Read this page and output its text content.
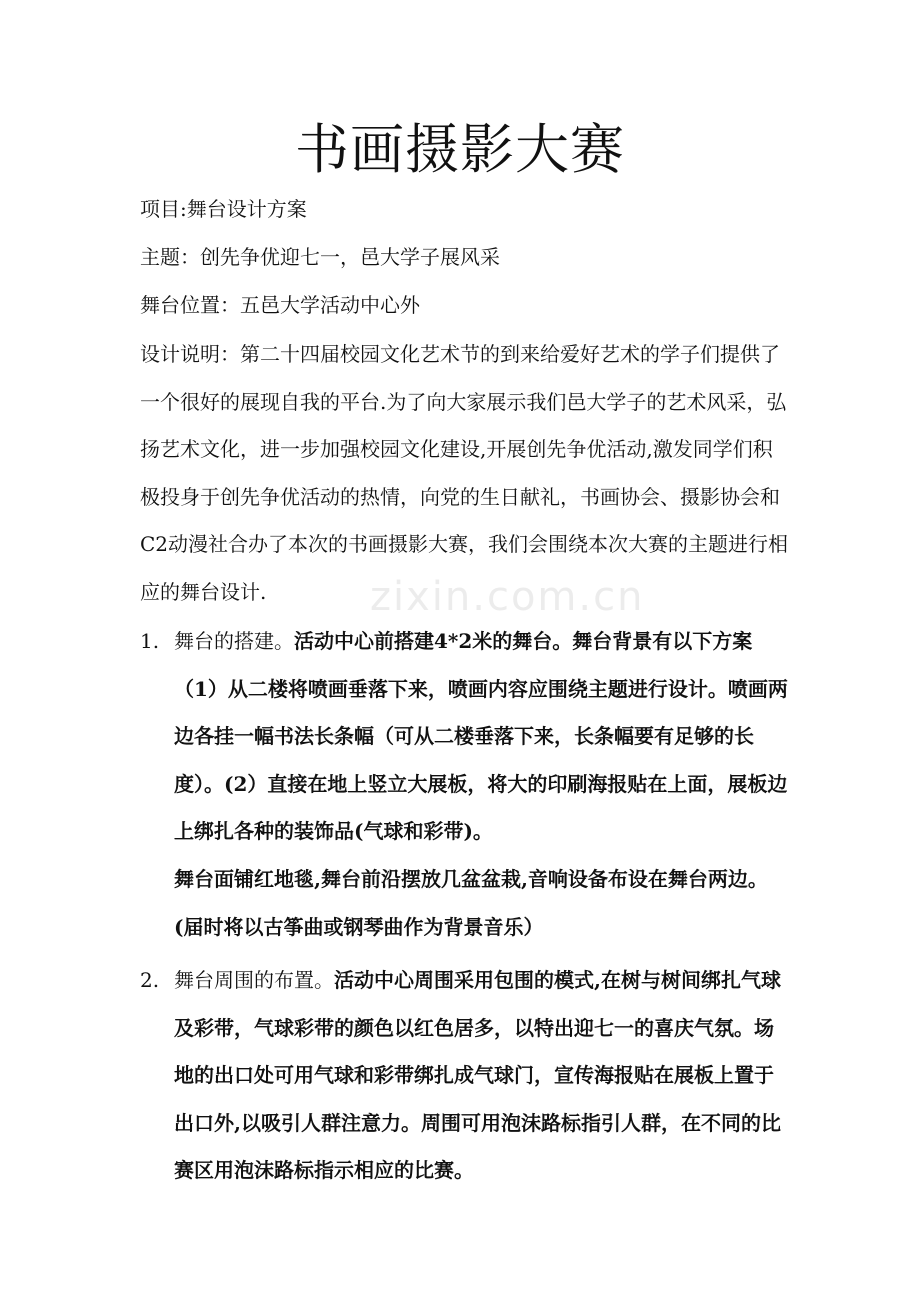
书画摄影大赛
项目:舞台设计方案
主题：创先争优迎七一，邑大学子展风采
舞台位置：五邑大学活动中心外

设计说明：第二十四届校园文化艺术节的到来给爱好艺术的学子们提供了一个很好的展现自我的平台.为了向大家展示我们邑大学子的艺术风采，弘扬艺术文化，进一步加强校园文化建设,开展创先争优活动,激发同学们积极投身于创先争优活动的热情，向党的生日献礼，书画协会、摄影协会和C2动漫社合办了本次的书画摄影大赛，我们会围绕本次大赛的主题进行相应的舞台设计.	zixin.com.cn
1. 舞台的搭建。活动中心前搭建4*2米的舞台。舞台背景有以下方案（1）从二楼将喷画垂落下来，喷画内容应围绕主题进行设计。喷画两边各挂一幅书法长条幅（可从二楼垂落下来，长条幅要有足够的长度）。(2）直接在地上竖立大展板，将大的印刷海报贴在上面，展板边上绑扎各种的装饰品(气球和彩带)。
舞台面铺红地毯,舞台前沿摆放几盆盆栽,音响设备布设在舞台两边。(届时将以古筝曲或钢琴曲作为背景音乐）
2. 舞台周围的布置。活动中心周围采用包围的模式,在树与树间绑扎气球及彩带，气球彩带的颜色以红色居多，以特出迎七一的喜庆气氛。场地的出口处可用气球和彩带绑扎成气球门，宣传海报贴在展板上置于出口外,以吸引人群注意力。周围可用泡沫路标指引人群，在不同的比赛区用泡沫路标指示相应的比赛。
